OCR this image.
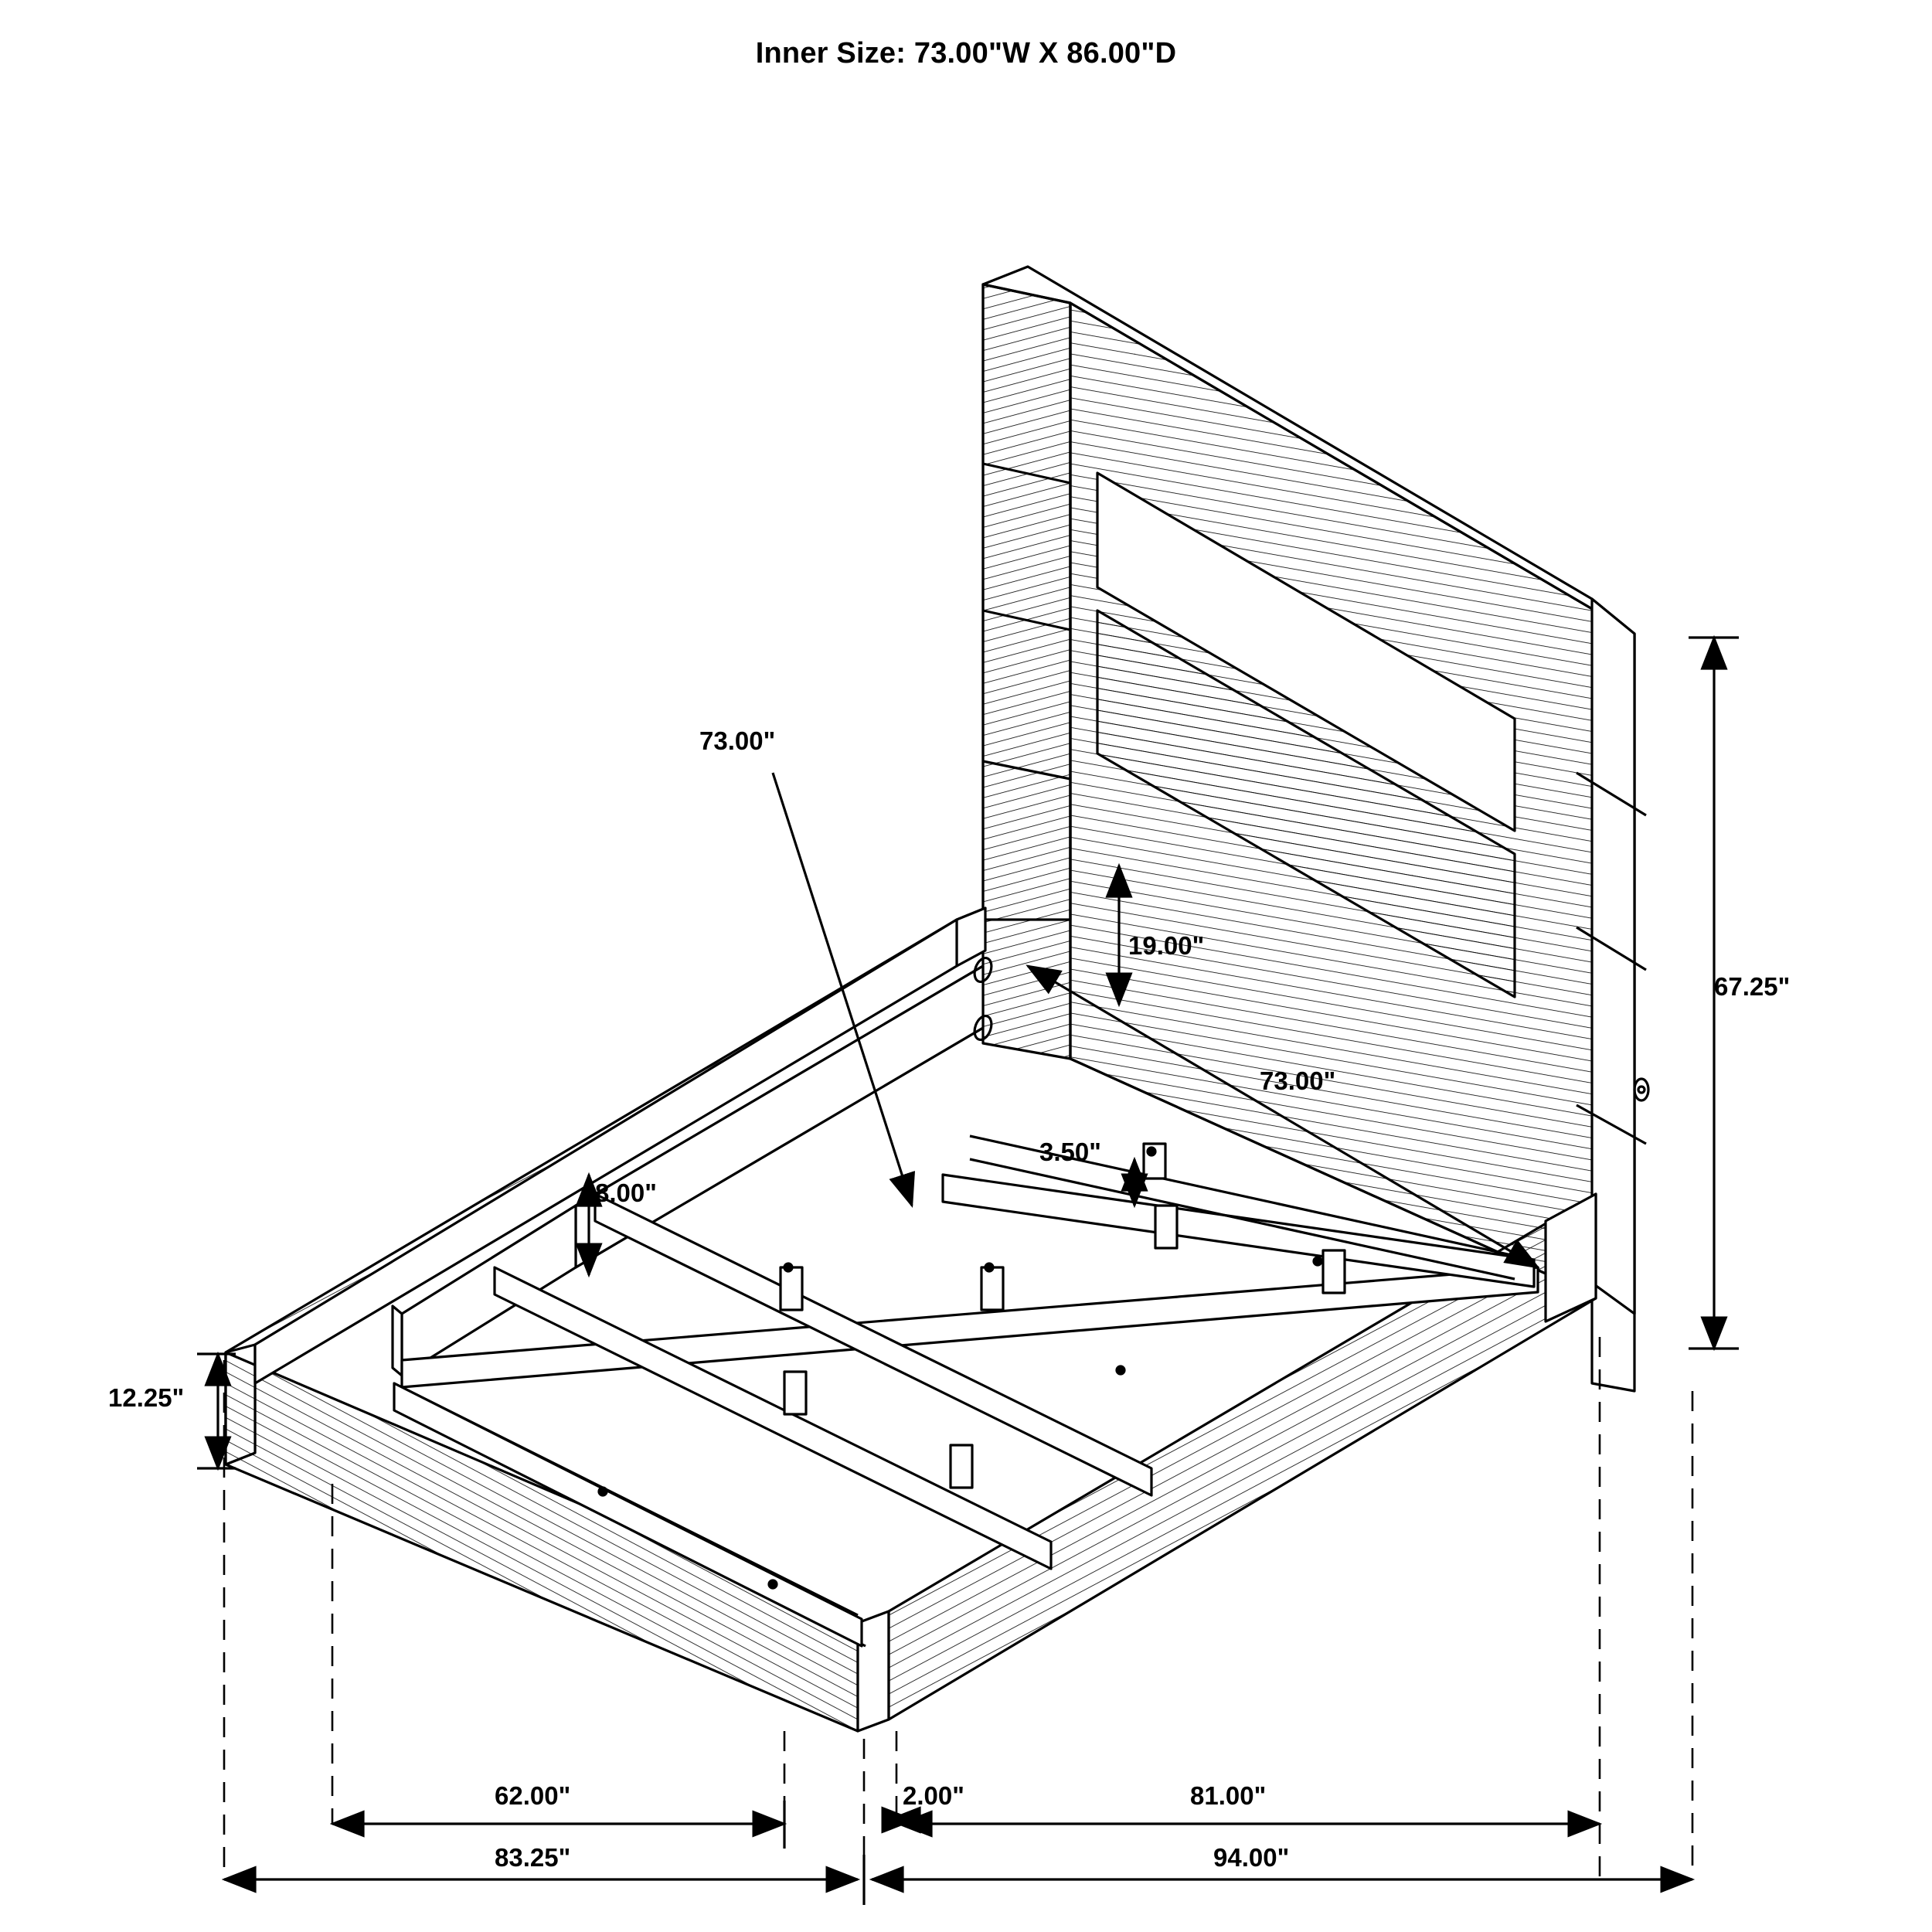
Inner Size: 73.00"W X 86.00"D
67.25"
19.00"
73.00"
3.50"
8.00"
12.25"
73.00"
2.00"
62.00"
83.25"
81.00"
94.00"
